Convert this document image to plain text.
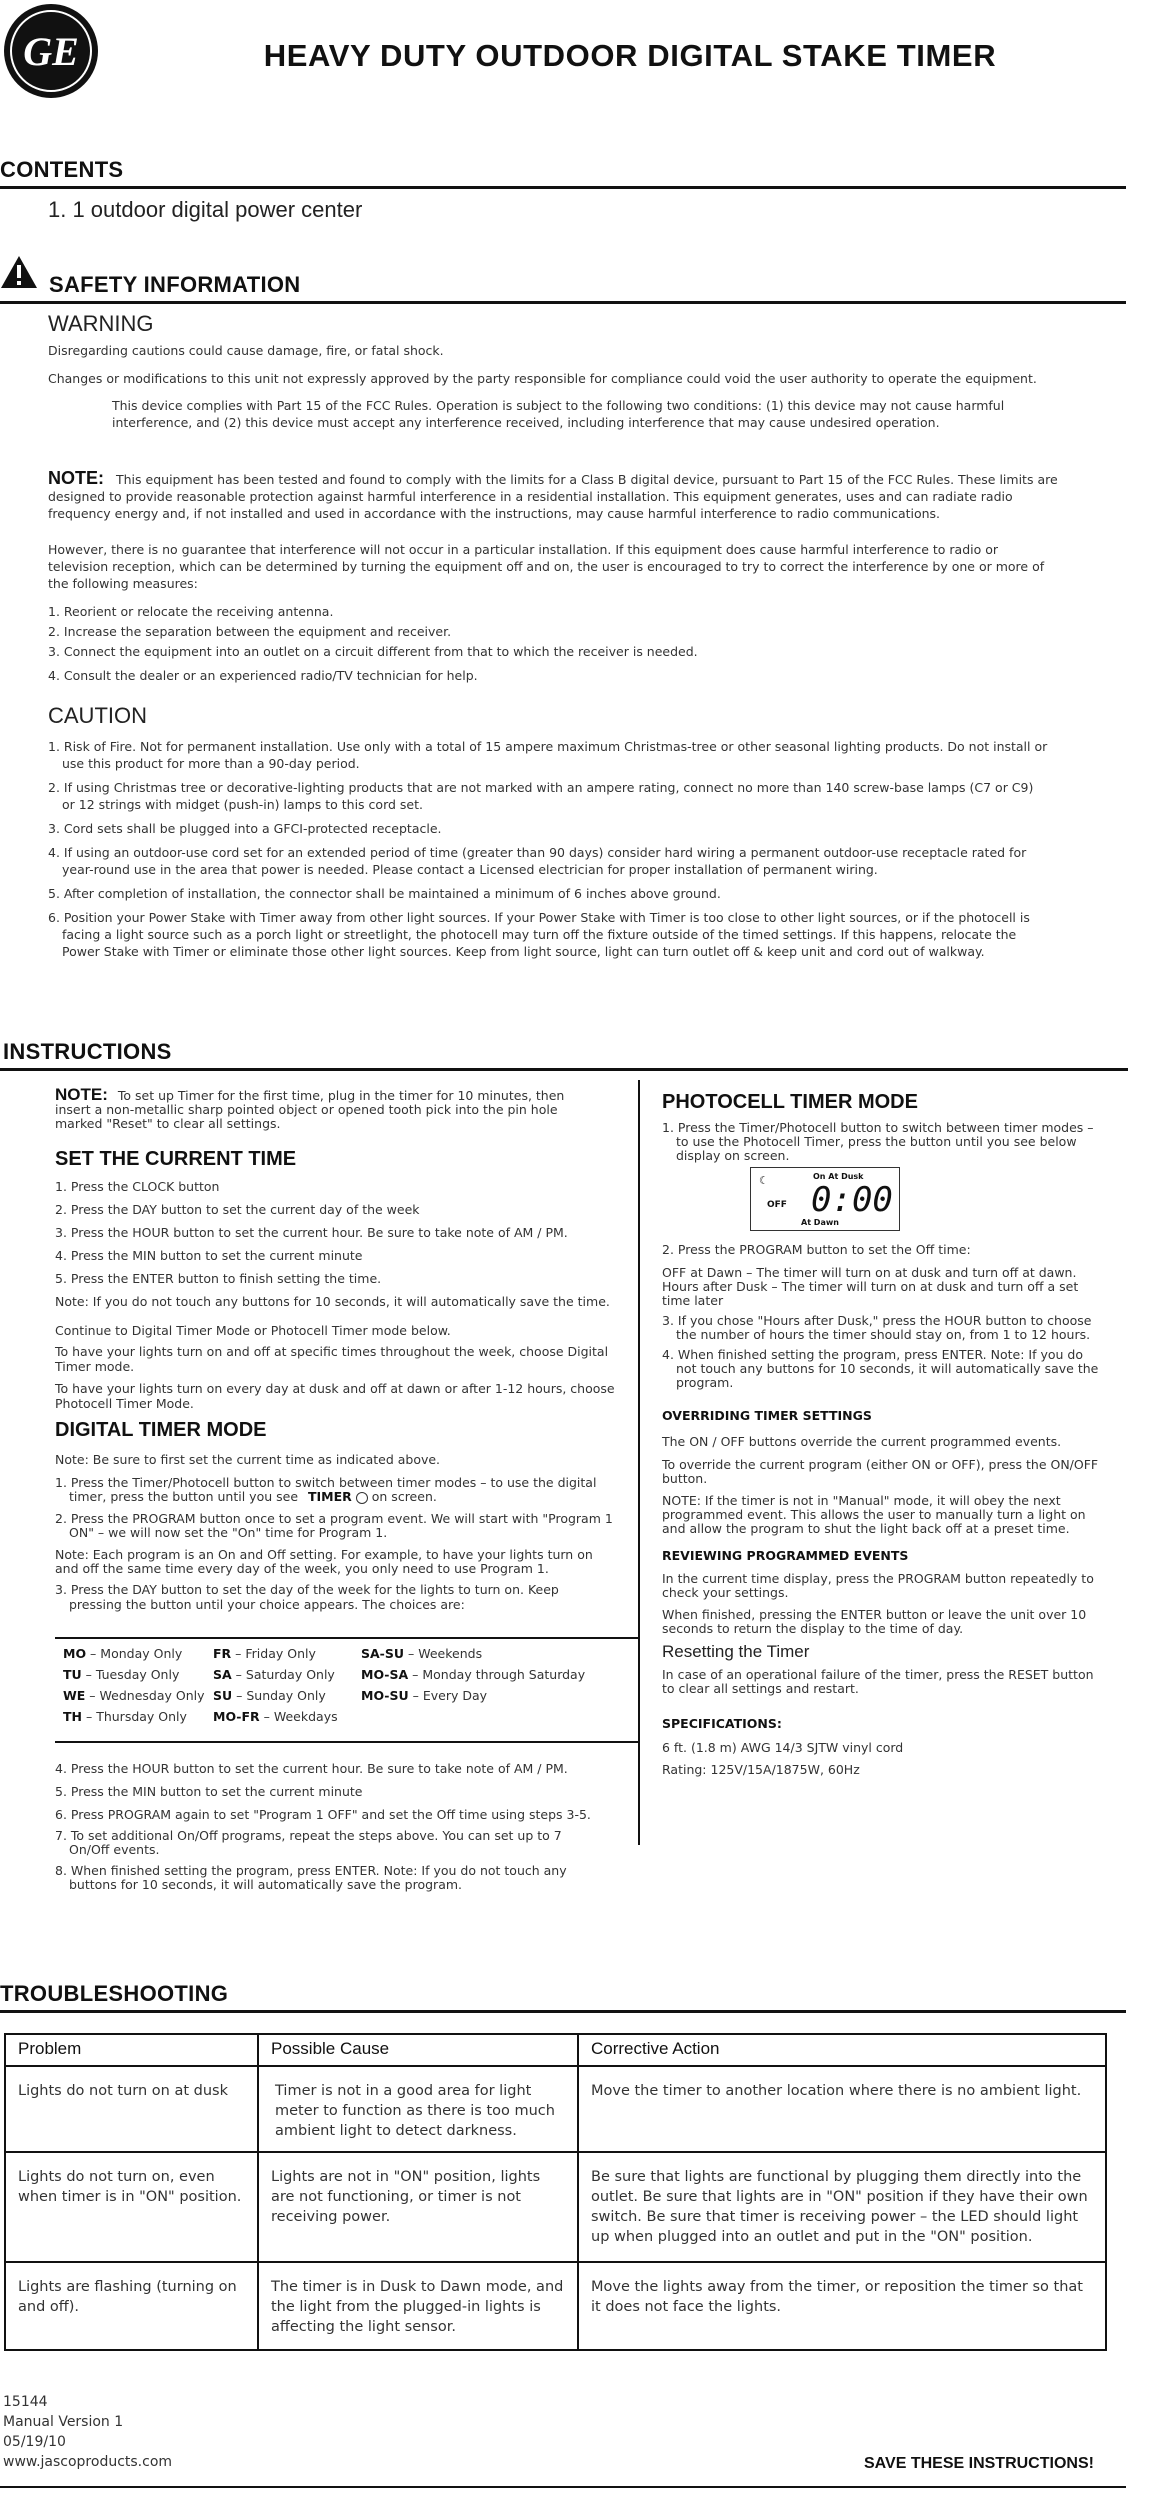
GE	HEAVY DUTY OUTDOOR DIGITAL STAKE TIMER
CONTENTS
1. 1 outdoor digital power center
SAFETY INFORMATION
WARNING

Disregarding cautions could cause damage, fire, or fatal shock.

Changes or modifications to this unit not expressly approved by the party responsible for compliance could void the user authority to operate the equipment.

This device complies with Part 15 of the FCC Rules. Operation is subject to the following two conditions: (1) this device may not cause harmful interference, and (2) this device must accept any interference received, including interference that may cause undesired operation.

NOTE: This equipment has been tested and found to comply with the limits for a Class B digital device, pursuant to Part 15 of the FCC Rules. These limits are designed to provide reasonable protection against harmful interference in a residential installation. This equipment generates, uses and can radiate radio frequency energy and, if not installed and used in accordance with the instructions, may cause harmful interference to radio communications.

However, there is no guarantee that interference will not occur in a particular installation. If this equipment does cause harmful interference to radio or television reception, which can be determined by turning the equipment off and on, the user is encouraged to try to correct the interference by one or more of the following measures:

1. Reorient or relocate the receiving antenna.

2. Increase the separation between the equipment and receiver.

3. Connect the equipment into an outlet on a circuit different from that to which the receiver is needed.

4. Consult the dealer or an experienced radio/TV technician for help.

CAUTION
1. Risk of Fire. Not for permanent installation. Use only with a total of 15 ampere maximum Christmas-tree or other seasonal lighting products. Do not install or use this product for more than a 90-day period.
2. If using Christmas tree or decorative-lighting products that are not marked with an ampere rating, connect no more than 140 screw-base lamps (C7 or C9) or 12 strings with midget (push-in) lamps to this cord set.
3. Cord sets shall be plugged into a GFCI-protected receptacle.
4. If using an outdoor-use cord set for an extended period of time (greater than 90 days) consider hard wiring a permanent outdoor-use receptacle rated for year-round use in the area that power is needed. Please contact a Licensed electrician for proper installation of permanent wiring.
5. After completion of installation, the connector shall be maintained a minimum of 6 inches above ground.
6. Position your Power Stake with Timer away from other light sources. If your Power Stake with Timer is too close to other light sources, or if the photocell is facing a light source such as a porch light or streetlight, the photocell may turn off the fixture outside of the timed settings. If this happens, relocate the Power Stake with Timer or eliminate those other light sources. Keep from light source, light can turn outlet off & keep unit and cord out of walkway.
INSTRUCTIONS

NOTE: To set up Timer for the first time, plug in the timer for 10 minutes, then insert a non-metallic sharp pointed object or opened tooth pick into the pin hole marked "Reset" to clear all settings.

SET THE CURRENT TIME

1. Press the CLOCK button

2. Press the DAY button to set the current day of the week

3. Press the HOUR button to set the current hour. Be sure to take note of AM / PM.

4. Press the MIN button to set the current minute

5. Press the ENTER button to finish setting the time.

Note: If you do not touch any buttons for 10 seconds, it will automatically save the time.

Continue to Digital Timer Mode or Photocell Timer mode below.

To have your lights turn on and off at specific times throughout the week, choose Digital Timer mode.

To have your lights turn on every day at dusk and off at dawn or after 1-12 hours, choose Photocell Timer Mode.

DIGITAL TIMER MODE

Note: Be sure to first set the current time as indicated above.

1. Press the Timer/Photocell button to switch between timer modes – to use the digital timer, press the button until you see TIMER on screen.

2. Press the PROGRAM button once to set a program event. We will start with "Program 1 ON" – we will now set the "On" time for Program 1.

Note: Each program is an On and Off setting. For example, to have your lights turn on and off the same time every day of the week, you only need to use Program 1.

3. Press the DAY button to set the day of the week for the lights to turn on. Keep pressing the button until your choice appears. The choices are:

MO – Monday Only	FR – Friday Only	SA-SU – Weekends
TU – Tuesday Only	SA – Saturday Only	MO-SA – Monday through Saturday
WE – Wednesday Only	SU – Sunday Only	MO-SU – Every Day
TH – Thursday Only	MO-FR – Weekdays	

4. Press the HOUR button to set the current hour. Be sure to take note of AM / PM.

5. Press the MIN button to set the current minute

6. Press PROGRAM again to set "Program 1 OFF" and set the Off time using steps 3-5.

7. To set additional On/Off programs, repeat the steps above. You can set up to 7 On/Off events.

8. When finished setting the program, press ENTER. Note: If you do not touch any buttons for 10 seconds, it will automatically save the program.

PHOTOCELL TIMER MODE

1. Press the Timer/Photocell button to switch between timer modes – to use the Photocell Timer, press the button until you see below display on screen.

☾	On At Dusk
OFF 0:00
At Dawn

2. Press the PROGRAM button to set the Off time:

OFF at Dawn – The timer will turn on at dusk and turn off at dawn. Hours after Dusk – The timer will turn on at dusk and turn off a set time later

3. If you chose "Hours after Dusk," press the HOUR button to choose the number of hours the timer should stay on, from 1 to 12 hours.

4. When finished setting the program, press ENTER. Note: If you do not touch any buttons for 10 seconds, it will automatically save the program.

OVERRIDING TIMER SETTINGS

The ON / OFF buttons override the current programmed events.

To override the current program (either ON or OFF), press the ON/OFF button.

NOTE: If the timer is not in "Manual" mode, it will obey the next programmed event. This allows the user to manually turn a light on and allow the program to shut the light back off at a preset time.

REVIEWING PROGRAMMED EVENTS

In the current time display, press the PROGRAM button repeatedly to check your settings.

When finished, pressing the ENTER button or leave the unit over 10 seconds to return the display to the time of day.

Resetting the Timer

In case of an operational failure of the timer, press the RESET button to clear all settings and restart.

SPECIFICATIONS:

6 ft. (1.8 m) AWG 14/3 SJTW vinyl cord

Rating: 125V/15A/1875W, 60Hz

TROUBLESHOOTING
Problem	Possible Cause	Corrective Action
Lights do not turn on at dusk	Timer is not in a good area for light meter to function as there is too much ambient light to detect darkness.	Move the timer to another location where there is no ambient light.
Lights do not turn on, even when timer is in "ON" position.	Lights are not in "ON" position, lights are not functioning, or timer is not receiving power.	Be sure that lights are functional by plugging them directly into the outlet. Be sure that lights are in "ON" position if they have their own switch. Be sure that timer is receiving power – the LED should light up when plugged into an outlet and put in the "ON" position.
Lights are flashing (turning on and off).	The timer is in Dusk to Dawn mode, and the light from the plugged-in lights is affecting the light sensor.	Move the lights away from the timer, or reposition the timer so that it does not face the lights.
15144
Manual Version 1
05/19/10
www.jascoproducts.com	SAVE THESE INSTRUCTIONS!
